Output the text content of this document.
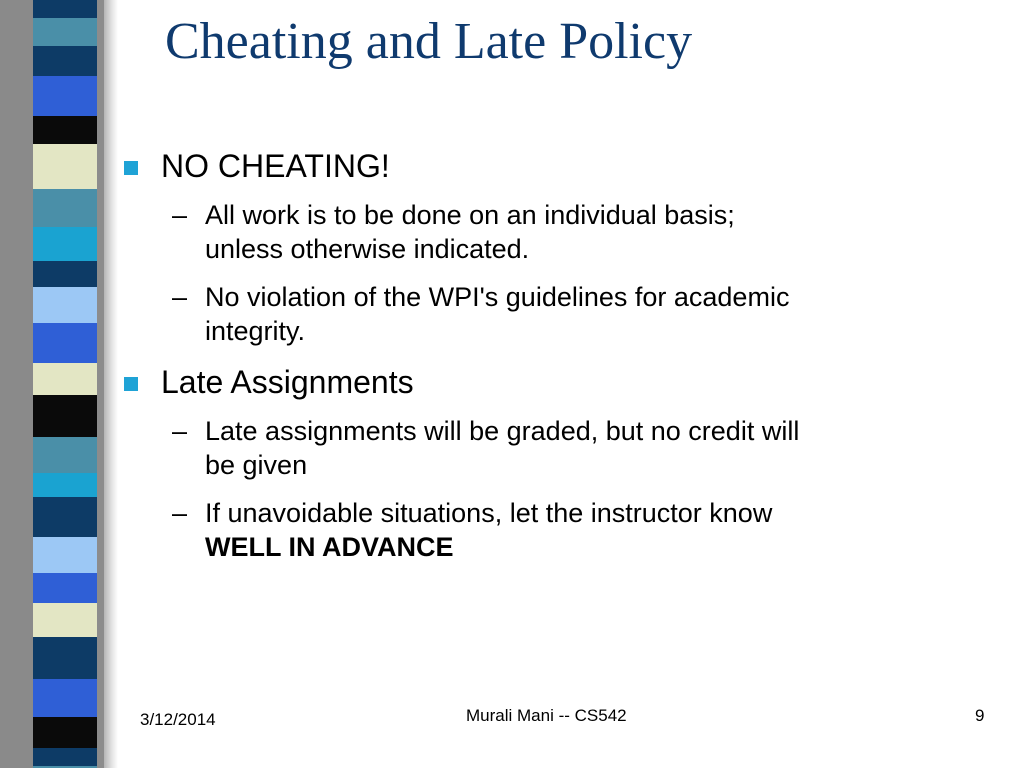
Cheating and Late Policy
NO CHEATING!
– All work is to be done on an individual basis;
unless otherwise indicated.
– No violation of the WPI's guidelines for academic
integrity.
Late Assignments
– Late assignments will be graded, but no credit will
be given
– If unavoidable situations, let the instructor know
WELL IN ADVANCE
3/12/2014	Murali Mani -- CS542	9
